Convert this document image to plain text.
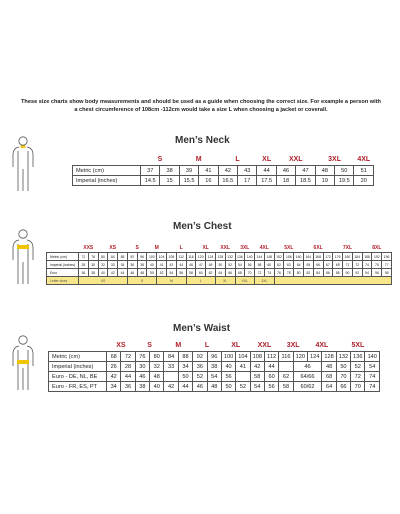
These size charts show body measurements and should be used as a guide when choosing the correct size. For example a person with a chest circumference of 108cm -112cm would take a size L when choosing a jacket or coverall.
Men’s Neck
	S		M		L		XL	XXL		3XL		4XL
Metric (cm)	37	38	39	41	42	43	44	46	47	48	50	51
Imperial (inches)	14.5	15	15.5	16	16.5	17	17.5	18	18.5	19	19.5	20
Men’s Chest
	XXS		XS			S		M		L			XL		XXL		3XL		4XL		5XL			6XL			7XL			8XL		
Metric (cm)	72	76	80	84	88	92	96	100	104	108	112	116	120	124	128	132	136	140	144	148	152	156	160	164	168	172	176	180	184	188	192	196
Imperial (inches)	28	30	32	33	34	36	38	40	41	42	44	46	47	48	50	52	54	56	58	60	62	63	64	65	66	67	69	71	72	74	75	77
Euro	36	38	40	42	44	46	48	50	52	54	56	58	60	62	64	66	68	70	72	74	76	78	80	82	84	86	88	90	92	94	96	98
Letter sizes	XS					S			M			L			XL		XXL		3XL													
Men’s Waist
	XS		S		M		L		XL		XXL		3XL		4XL		5XL		
Metric (cm)	68	72	76	80	84	88	92	96	100	104	108	112	116	120	124	128	132	136	140
Imperial (inches)	26	28	30	32	33	34	36	38	40	41	42	44		46		48	50	52	54
Euro - DE, NL, BE	42	44	46	48		50	52	54	56		58	60	62	64/66		68	70	72	74
Euro - FR, ES, PT	34	36	38	40	42	44	46	48	50	52	54	56	58	60/62		64	66	70	74
